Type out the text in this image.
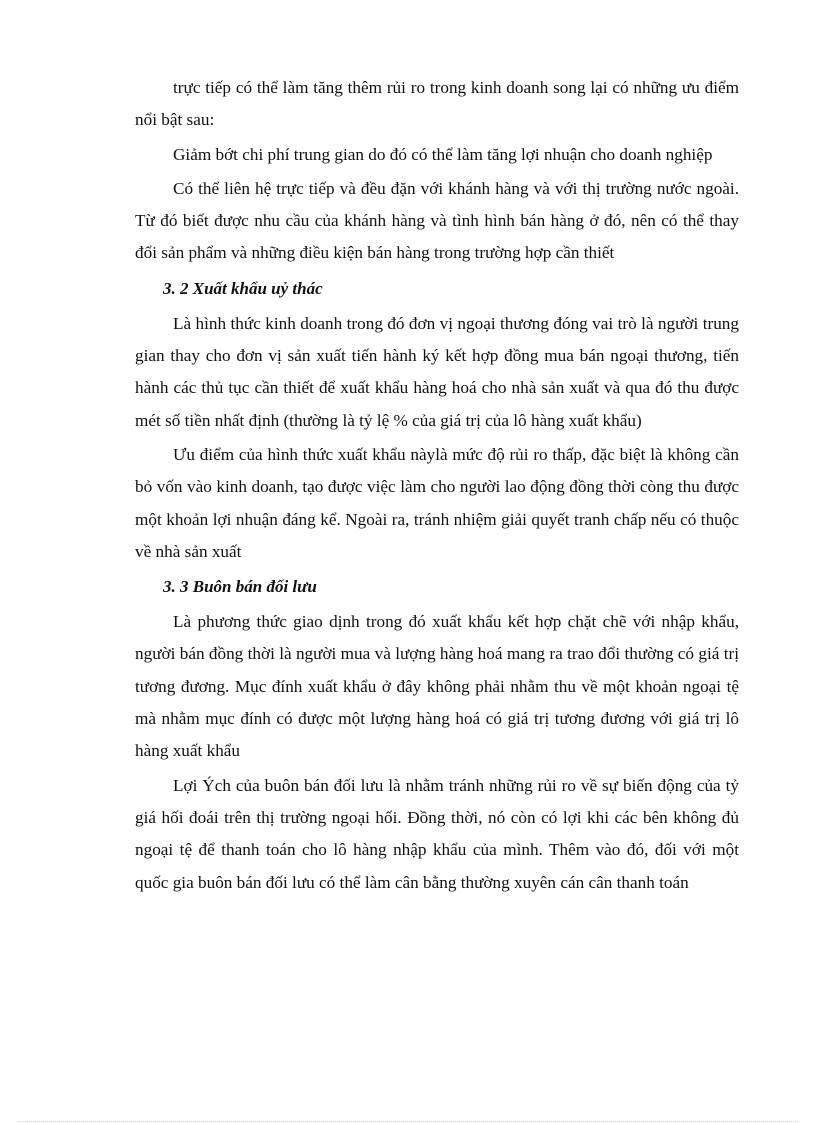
trực tiếp có thể làm tăng thêm rủi ro trong kinh doanh song lại có những ưu điểm nổi bật sau:

Giảm bớt chi phí trung gian do đó có thể làm tăng lợi nhuận cho doanh nghiệp

Có thể liên hệ trực tiếp và đều đặn với khánh hàng và với thị trường nước ngoài. Từ đó biết được nhu cầu của khánh hàng và tình hình bán hàng ở đó, nên có thể thay đổi sản phẩm và những điều kiện bán hàng trong trường hợp cần thiết

3. 2 Xuất khẩu uỷ thác

Là hình thức kinh doanh trong đó đơn vị ngoại thương đóng vai trò là người trung gian thay cho đơn vị sản xuất tiến hành ký kết hợp đồng mua bán ngoại thương, tiến hành các thủ tục cần thiết để xuất khẩu hàng hoá cho nhà sản xuất và qua đó thu được mét số tiền nhất định (thường là tỷ lệ % của giá trị của lô hàng xuất khẩu)

Ưu điểm của hình thức xuất khẩu nàylà mức độ rủi ro thấp, đặc biệt là không cần bỏ vốn vào kinh doanh, tạo được việc làm cho người lao động đồng thời còng thu được một khoản lợi nhuận đáng kể. Ngoài ra, tránh nhiệm giải quyết tranh chấp nếu có thuộc về nhà sản xuất

3. 3 Buôn bán đối lưu

Là phương thức giao dịnh trong đó xuất khẩu kết hợp chặt chẽ với nhập khẩu, người bán đồng thời là người mua và lượng hàng hoá mang ra trao đổi thường có giá trị tương đương. Mục đính xuất khẩu ở đây không phải nhằm thu về một khoản ngoại tệ mà nhằm mục đính có được một lượng hàng hoá có giá trị tương đương với giá trị lô hàng xuất khẩu

Lợi Ých của buôn bán đối lưu là nhằm tránh những rủi ro về sự biến động của tỷ giá hối đoái trên thị trường ngoại hối. Đồng thời, nó còn có lợi khi các bên không đủ ngoại tệ để thanh toán cho lô hàng nhập khẩu của mình. Thêm vào đó, đối với một quốc gia buôn bán đối lưu có thể làm cân bằng thường xuyên cán cân thanh toán
